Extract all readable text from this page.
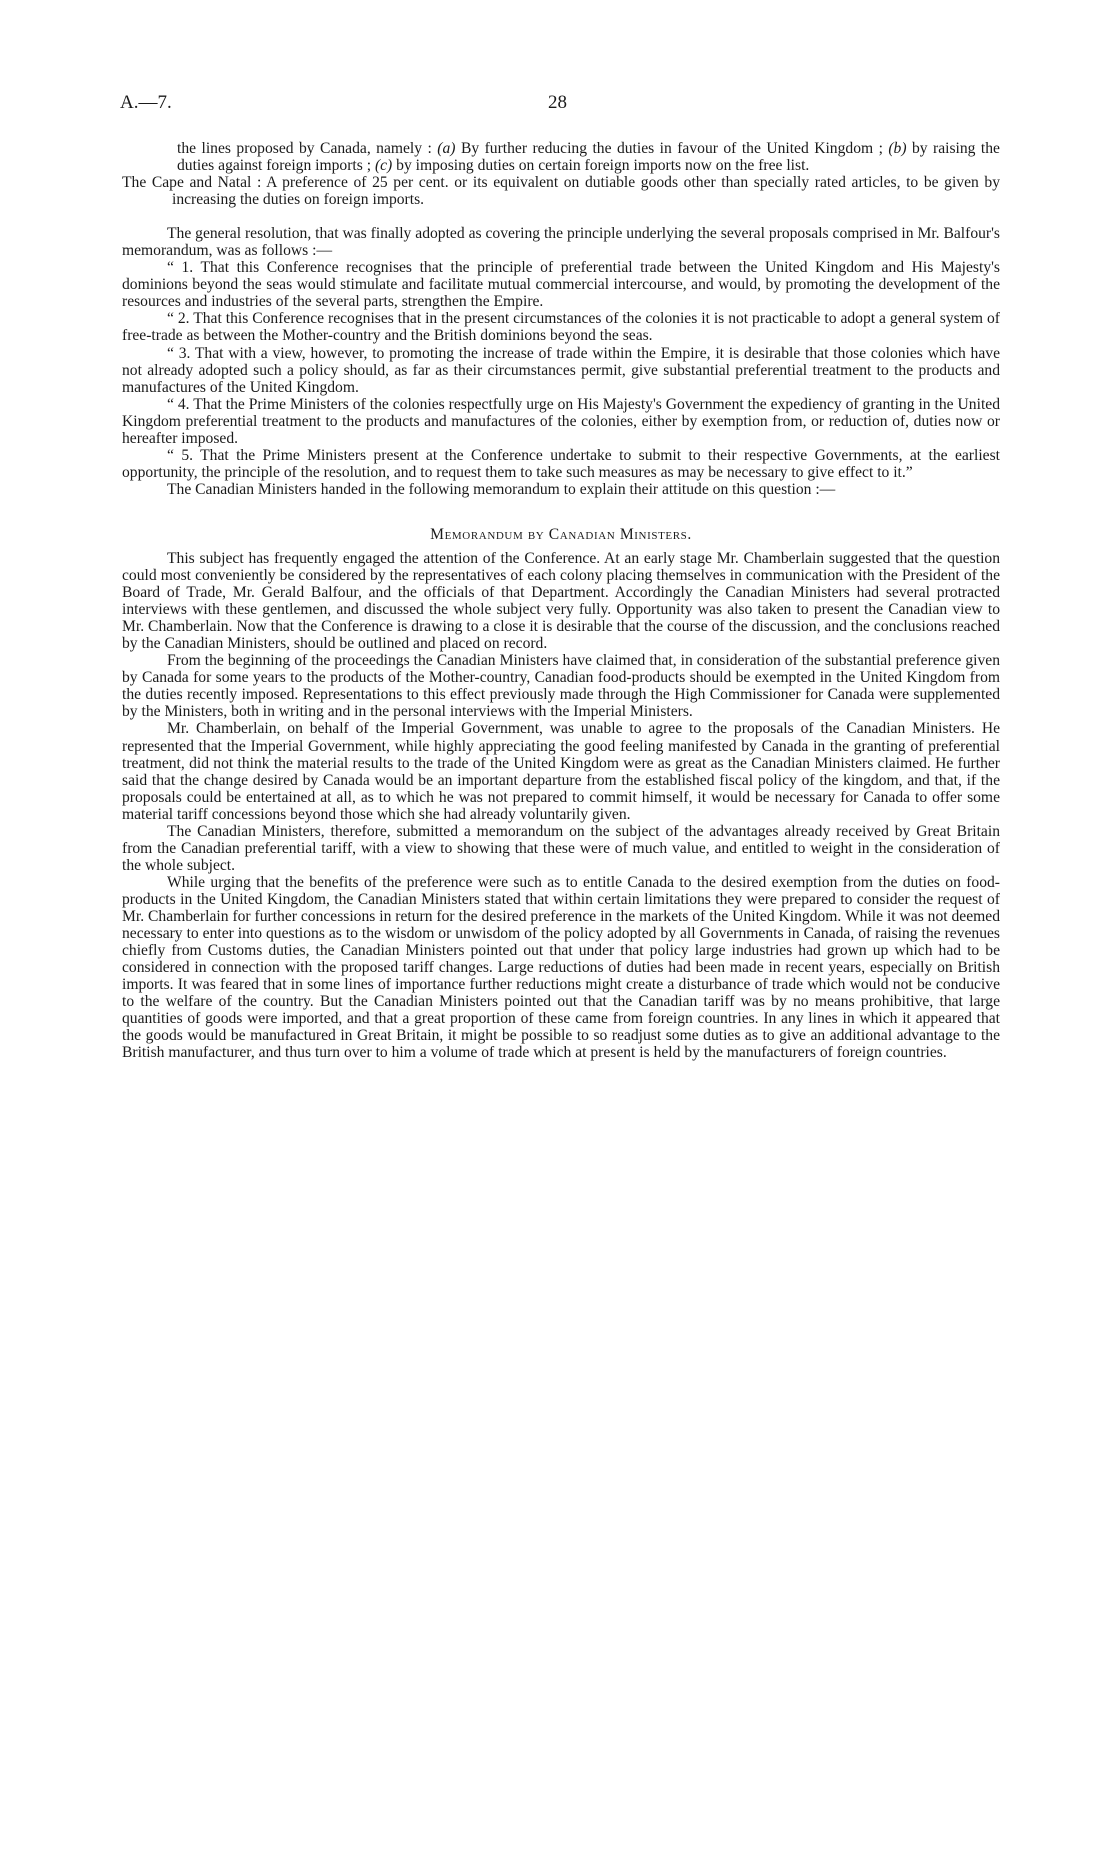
A.—7.	28

the lines proposed by Canada, namely : (a) By further reducing the duties in favour of the United Kingdom ; (b) by raising the duties against foreign imports ; (c) by imposing duties on certain foreign imports now on the free list.

The Cape and Natal : A preference of 25 per cent. or its equivalent on dutiable goods other than specially rated articles, to be given by increasing the duties on foreign imports.

The general resolution, that was finally adopted as covering the principle underlying the several proposals comprised in Mr. Balfour's memorandum, was as follows :—

“ 1. That this Conference recognises that the principle of preferential trade between the United Kingdom and His Majesty's dominions beyond the seas would stimulate and facilitate mutual commercial intercourse, and would, by promoting the development of the resources and industries of the several parts, strengthen the Empire.

“ 2. That this Conference recognises that in the present circumstances of the colonies it is not practicable to adopt a general system of free-trade as between the Mother-country and the British dominions beyond the seas.

“ 3. That with a view, however, to promoting the increase of trade within the Empire, it is desirable that those colonies which have not already adopted such a policy should, as far as their circumstances permit, give substantial preferential treatment to the products and manufactures of the United Kingdom.

“ 4. That the Prime Ministers of the colonies respectfully urge on His Majesty's Government the expediency of granting in the United Kingdom preferential treatment to the products and manufactures of the colonies, either by exemption from, or reduction of, duties now or hereafter imposed.

“ 5. That the Prime Ministers present at the Conference undertake to submit to their respective Governments, at the earliest opportunity, the principle of the resolution, and to request them to take such measures as may be necessary to give effect to it.”

The Canadian Ministers handed in the following memorandum to explain their attitude on this question :—

Memorandum by Canadian Ministers.

This subject has frequently engaged the attention of the Conference. At an early stage Mr. Chamberlain suggested that the question could most conveniently be considered by the representatives of each colony placing themselves in communication with the President of the Board of Trade, Mr. Gerald Balfour, and the officials of that Department. Accordingly the Canadian Ministers had several protracted interviews with these gentlemen, and discussed the whole subject very fully. Opportunity was also taken to present the Canadian view to Mr. Chamberlain. Now that the Conference is drawing to a close it is desirable that the course of the discussion, and the conclusions reached by the Canadian Ministers, should be outlined and placed on record.

From the beginning of the proceedings the Canadian Ministers have claimed that, in consideration of the substantial preference given by Canada for some years to the products of the Mother-country, Canadian food-products should be exempted in the United Kingdom from the duties recently imposed. Representations to this effect previously made through the High Commissioner for Canada were supplemented by the Ministers, both in writing and in the personal interviews with the Imperial Ministers.

Mr. Chamberlain, on behalf of the Imperial Government, was unable to agree to the proposals of the Canadian Ministers. He represented that the Imperial Government, while highly appreciating the good feeling manifested by Canada in the granting of preferential treatment, did not think the material results to the trade of the United Kingdom were as great as the Canadian Ministers claimed. He further said that the change desired by Canada would be an important departure from the established fiscal policy of the kingdom, and that, if the proposals could be entertained at all, as to which he was not prepared to commit himself, it would be necessary for Canada to offer some material tariff concessions beyond those which she had already voluntarily given.

The Canadian Ministers, therefore, submitted a memorandum on the subject of the advantages already received by Great Britain from the Canadian preferential tariff, with a view to showing that these were of much value, and entitled to weight in the consideration of the whole subject.

While urging that the benefits of the preference were such as to entitle Canada to the desired exemption from the duties on food-products in the United Kingdom, the Canadian Ministers stated that within certain limitations they were prepared to consider the request of Mr. Chamberlain for further concessions in return for the desired preference in the markets of the United Kingdom. While it was not deemed necessary to enter into questions as to the wisdom or unwisdom of the policy adopted by all Governments in Canada, of raising the revenues chiefly from Customs duties, the Canadian Ministers pointed out that under that policy large industries had grown up which had to be considered in connection with the proposed tariff changes. Large reductions of duties had been made in recent years, especially on British imports. It was feared that in some lines of importance further reductions might create a disturbance of trade which would not be conducive to the welfare of the country. But the Canadian Ministers pointed out that the Canadian tariff was by no means prohibitive, that large quantities of goods were imported, and that a great proportion of these came from foreign countries. In any lines in which it appeared that the goods would be manufactured in Great Britain, it might be possible to so readjust some duties as to give an additional advantage to the British manufacturer, and thus turn over to him a volume of trade which at present is held by the manufacturers of foreign countries.
